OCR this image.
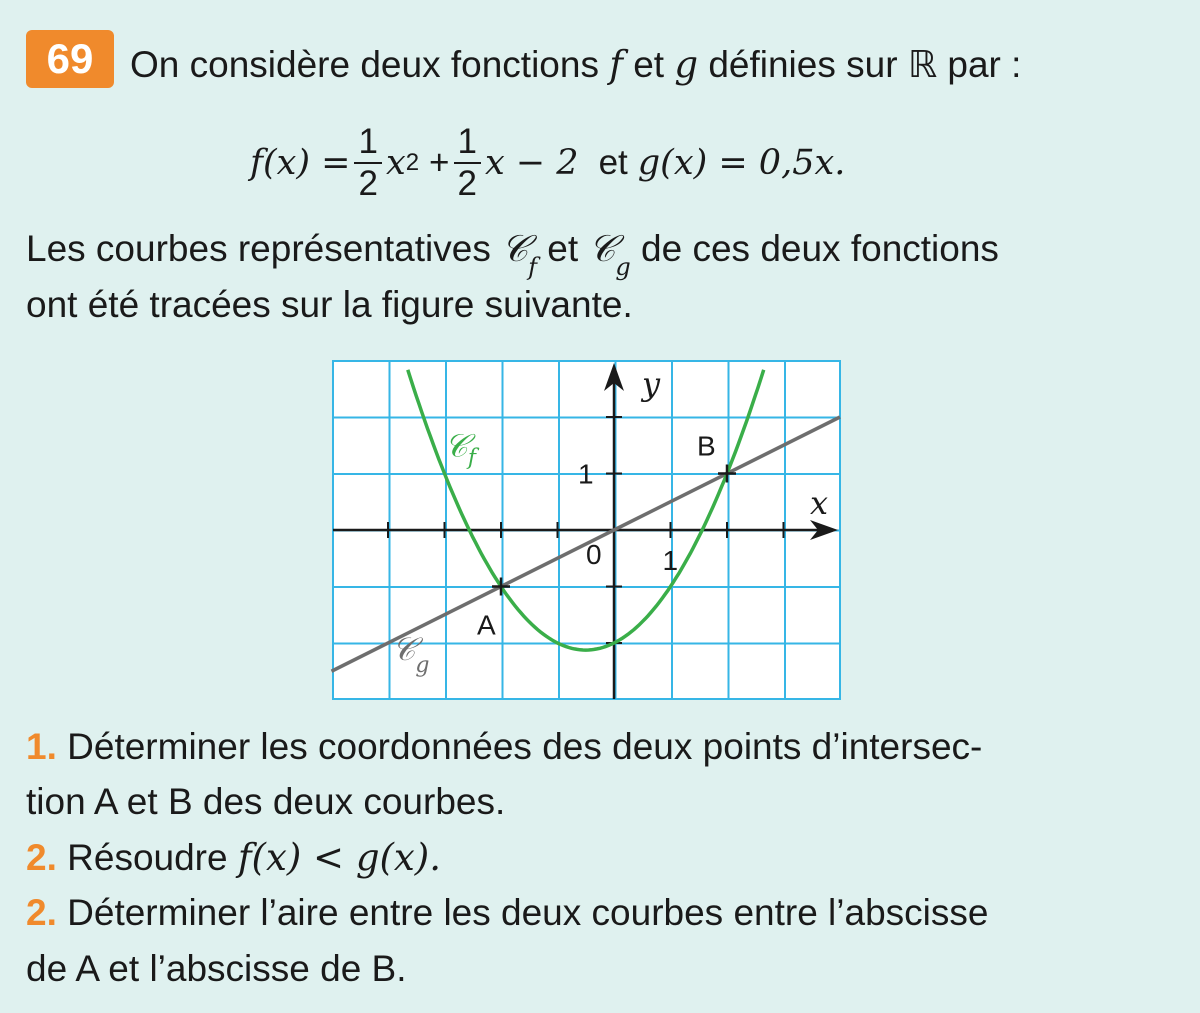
69 On considère deux fonctions f et g définies sur ℝ par :
$f(x) = \frac{1}{2}$ x $2 + \frac{1}{2}$ x − 2 et g(x) = 0,5x.
Les courbes représentatives 𝒞$_f$ et 𝒞$_g$ de ces deux fonctions
ont été tracées sur la figure suivante.
y
x
0 1
1
A
B
𝒞f
𝒞g
1. Déterminer les coordonnées des deux points d’intersec-
tion A et B des deux courbes.
2. Résoudre f(x) < g(x).
2. Déterminer l’aire entre les deux courbes entre l’abscisse
de A et l’abscisse de B.
